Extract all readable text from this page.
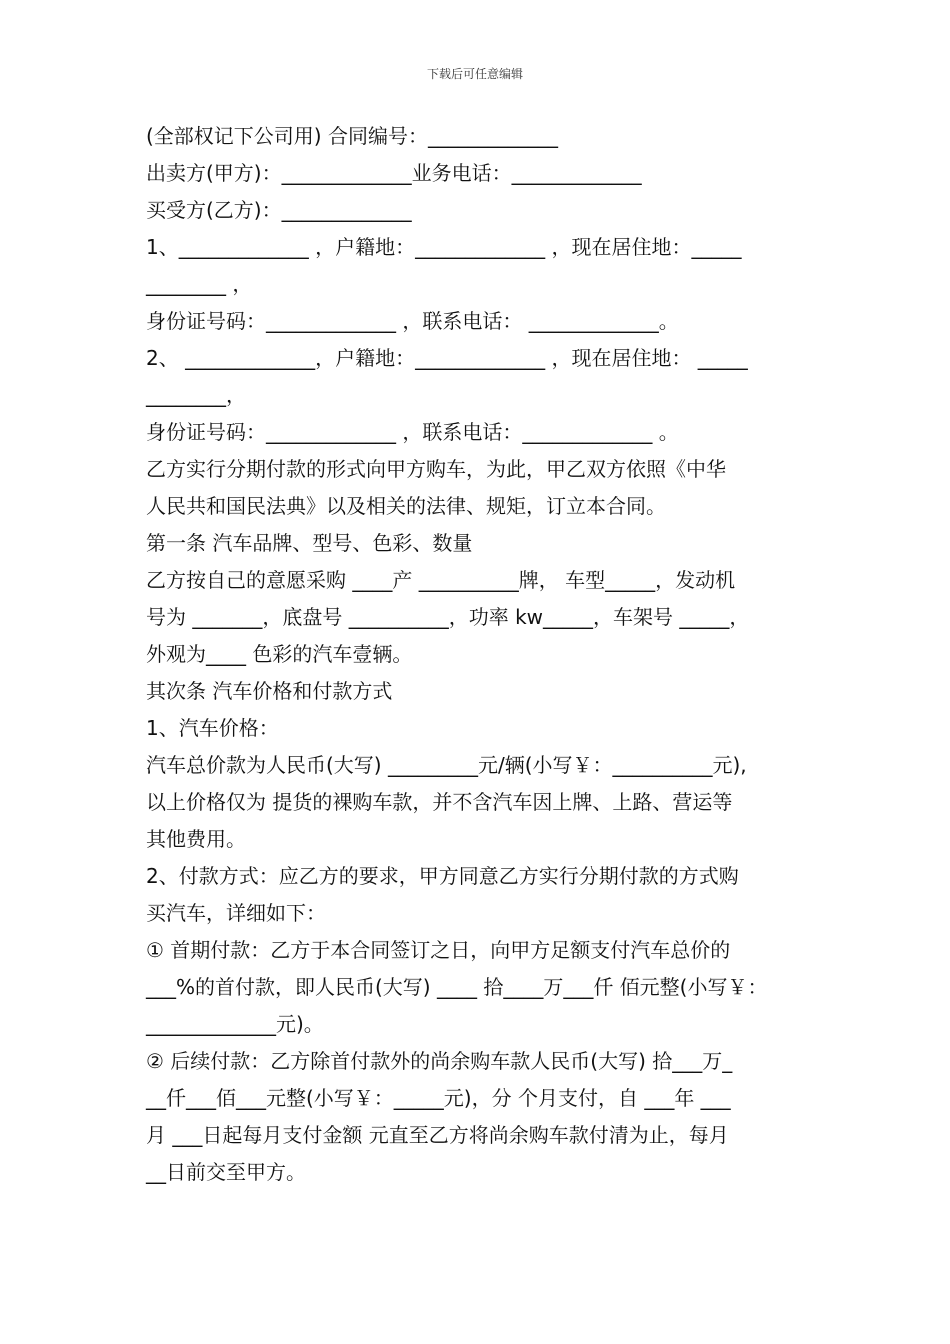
下载后可任意编辑
(全部权记下公司用) 合同编号：_____________
出卖方(甲方)：_____________业务电话：_____________
买受方(乙方)：_____________
1、_____________ ，户籍地：_____________ ，现在居住地：_____
________ ，
身份证号码：_____________ ，联系电话： _____________。
2、 _____________，户籍地：_____________ ，现在居住地： _____
________，
身份证号码：_____________ ，联系电话：_____________ 。
乙方实行分期付款的形式向甲方购车，为此，甲乙双方依照《中华
人民共和国民法典》以及相关的法律、规矩，订立本合同。
第一条 汽车品牌、型号、色彩、数量
乙方按自己的意愿采购 ____产 __________牌， 车型_____，发动机
号为 _______，底盘号 __________，功率 kw_____，车架号 _____，
外观为____ 色彩的汽车壹辆。
其次条 汽车价格和付款方式
1、汽车价格：
汽车总价款为人民币(大写) _________元/辆(小写￥：__________元),
以上价格仅为 提货的裸购车款，并不含汽车因上牌、上路、营运等
其他费用。
2、付款方式：应乙方的要求，甲方同意乙方实行分期付款的方式购
买汽车，详细如下：
① 首期付款：乙方于本合同签订之日，向甲方足额支付汽车总价的
___%的首付款，即人民币(大写) ____ 拾____万___仟 佰元整(小写￥：
_____________元)。
② 后续付款：乙方除首付款外的尚余购车款人民币(大写) 拾___万_
__仟___佰___元整(小写￥：_____元)，分 个月支付，自 ___年 ___
月 ___日起每月支付金额 元直至乙方将尚余购车款付清为止，每月
__日前交至甲方。
